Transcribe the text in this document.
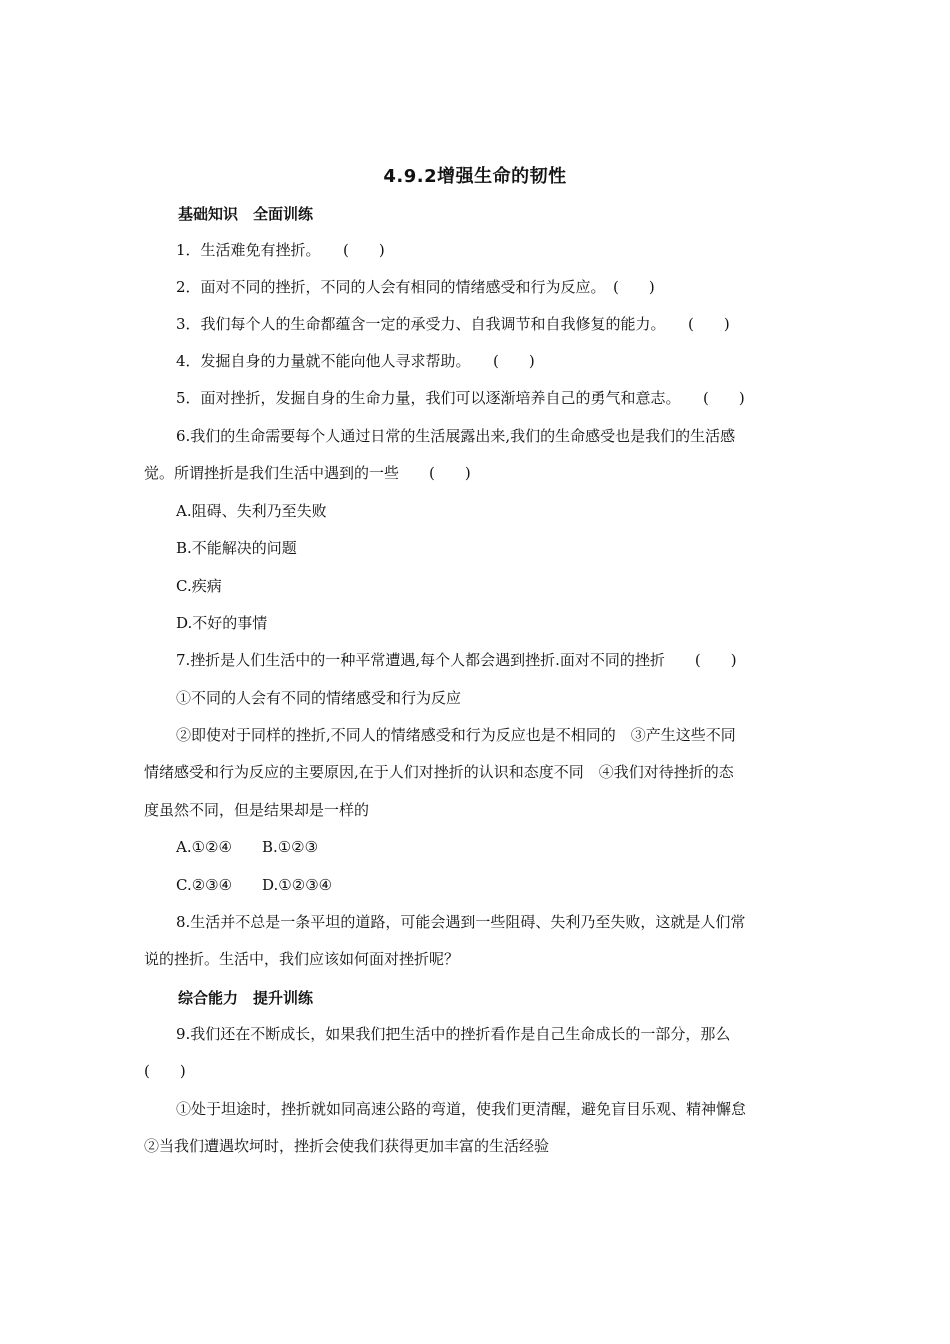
4.9.2增强生命的韧性
基础知识　全面训练
1．生活难免有挫折。　　(　　)
2．面对不同的挫折，不同的人会有相同的情绪感受和行为反应。　(　　)
3．我们每个人的生命都蕴含一定的承受力、自我调节和自我修复的能力。　　(　　)
4．发掘自身的力量就不能向他人寻求帮助。　　(　　)
5．面对挫折，发掘自身的生命力量，我们可以逐渐培养自己的勇气和意志。　　(　　)
6.我们的生命需要每个人通过日常的生活展露出来,我们的生命感受也是我们的生活感
觉。所谓挫折是我们生活中遇到的一些　　(　　)
A.阻碍、失利乃至失败
B.不能解决的问题
C.疾病
D.不好的事情
7.挫折是人们生活中的一种平常遭遇,每个人都会遇到挫折.面对不同的挫折　　(　　)
①不同的人会有不同的情绪感受和行为反应
②即使对于同样的挫折,不同人的情绪感受和行为反应也是不相同的　③产生这些不同
情绪感受和行为反应的主要原因,在于人们对挫折的认识和态度不同　④我们对待挫折的态
度虽然不同，但是结果却是一样的
A.①②④　　B.①②③
C.②③④　　D.①②③④
8.生活并不总是一条平坦的道路，可能会遇到一些阻碍、失利乃至失败，这就是人们常
说的挫折。生活中，我们应该如何面对挫折呢？
综合能力　提升训练
9.我们还在不断成长，如果我们把生活中的挫折看作是自己生命成长的一部分，那么
(　　)
①处于坦途时，挫折就如同高速公路的弯道，使我们更清醒，避免盲目乐观、精神懈怠
②当我们遭遇坎坷时，挫折会使我们获得更加丰富的生活经验
